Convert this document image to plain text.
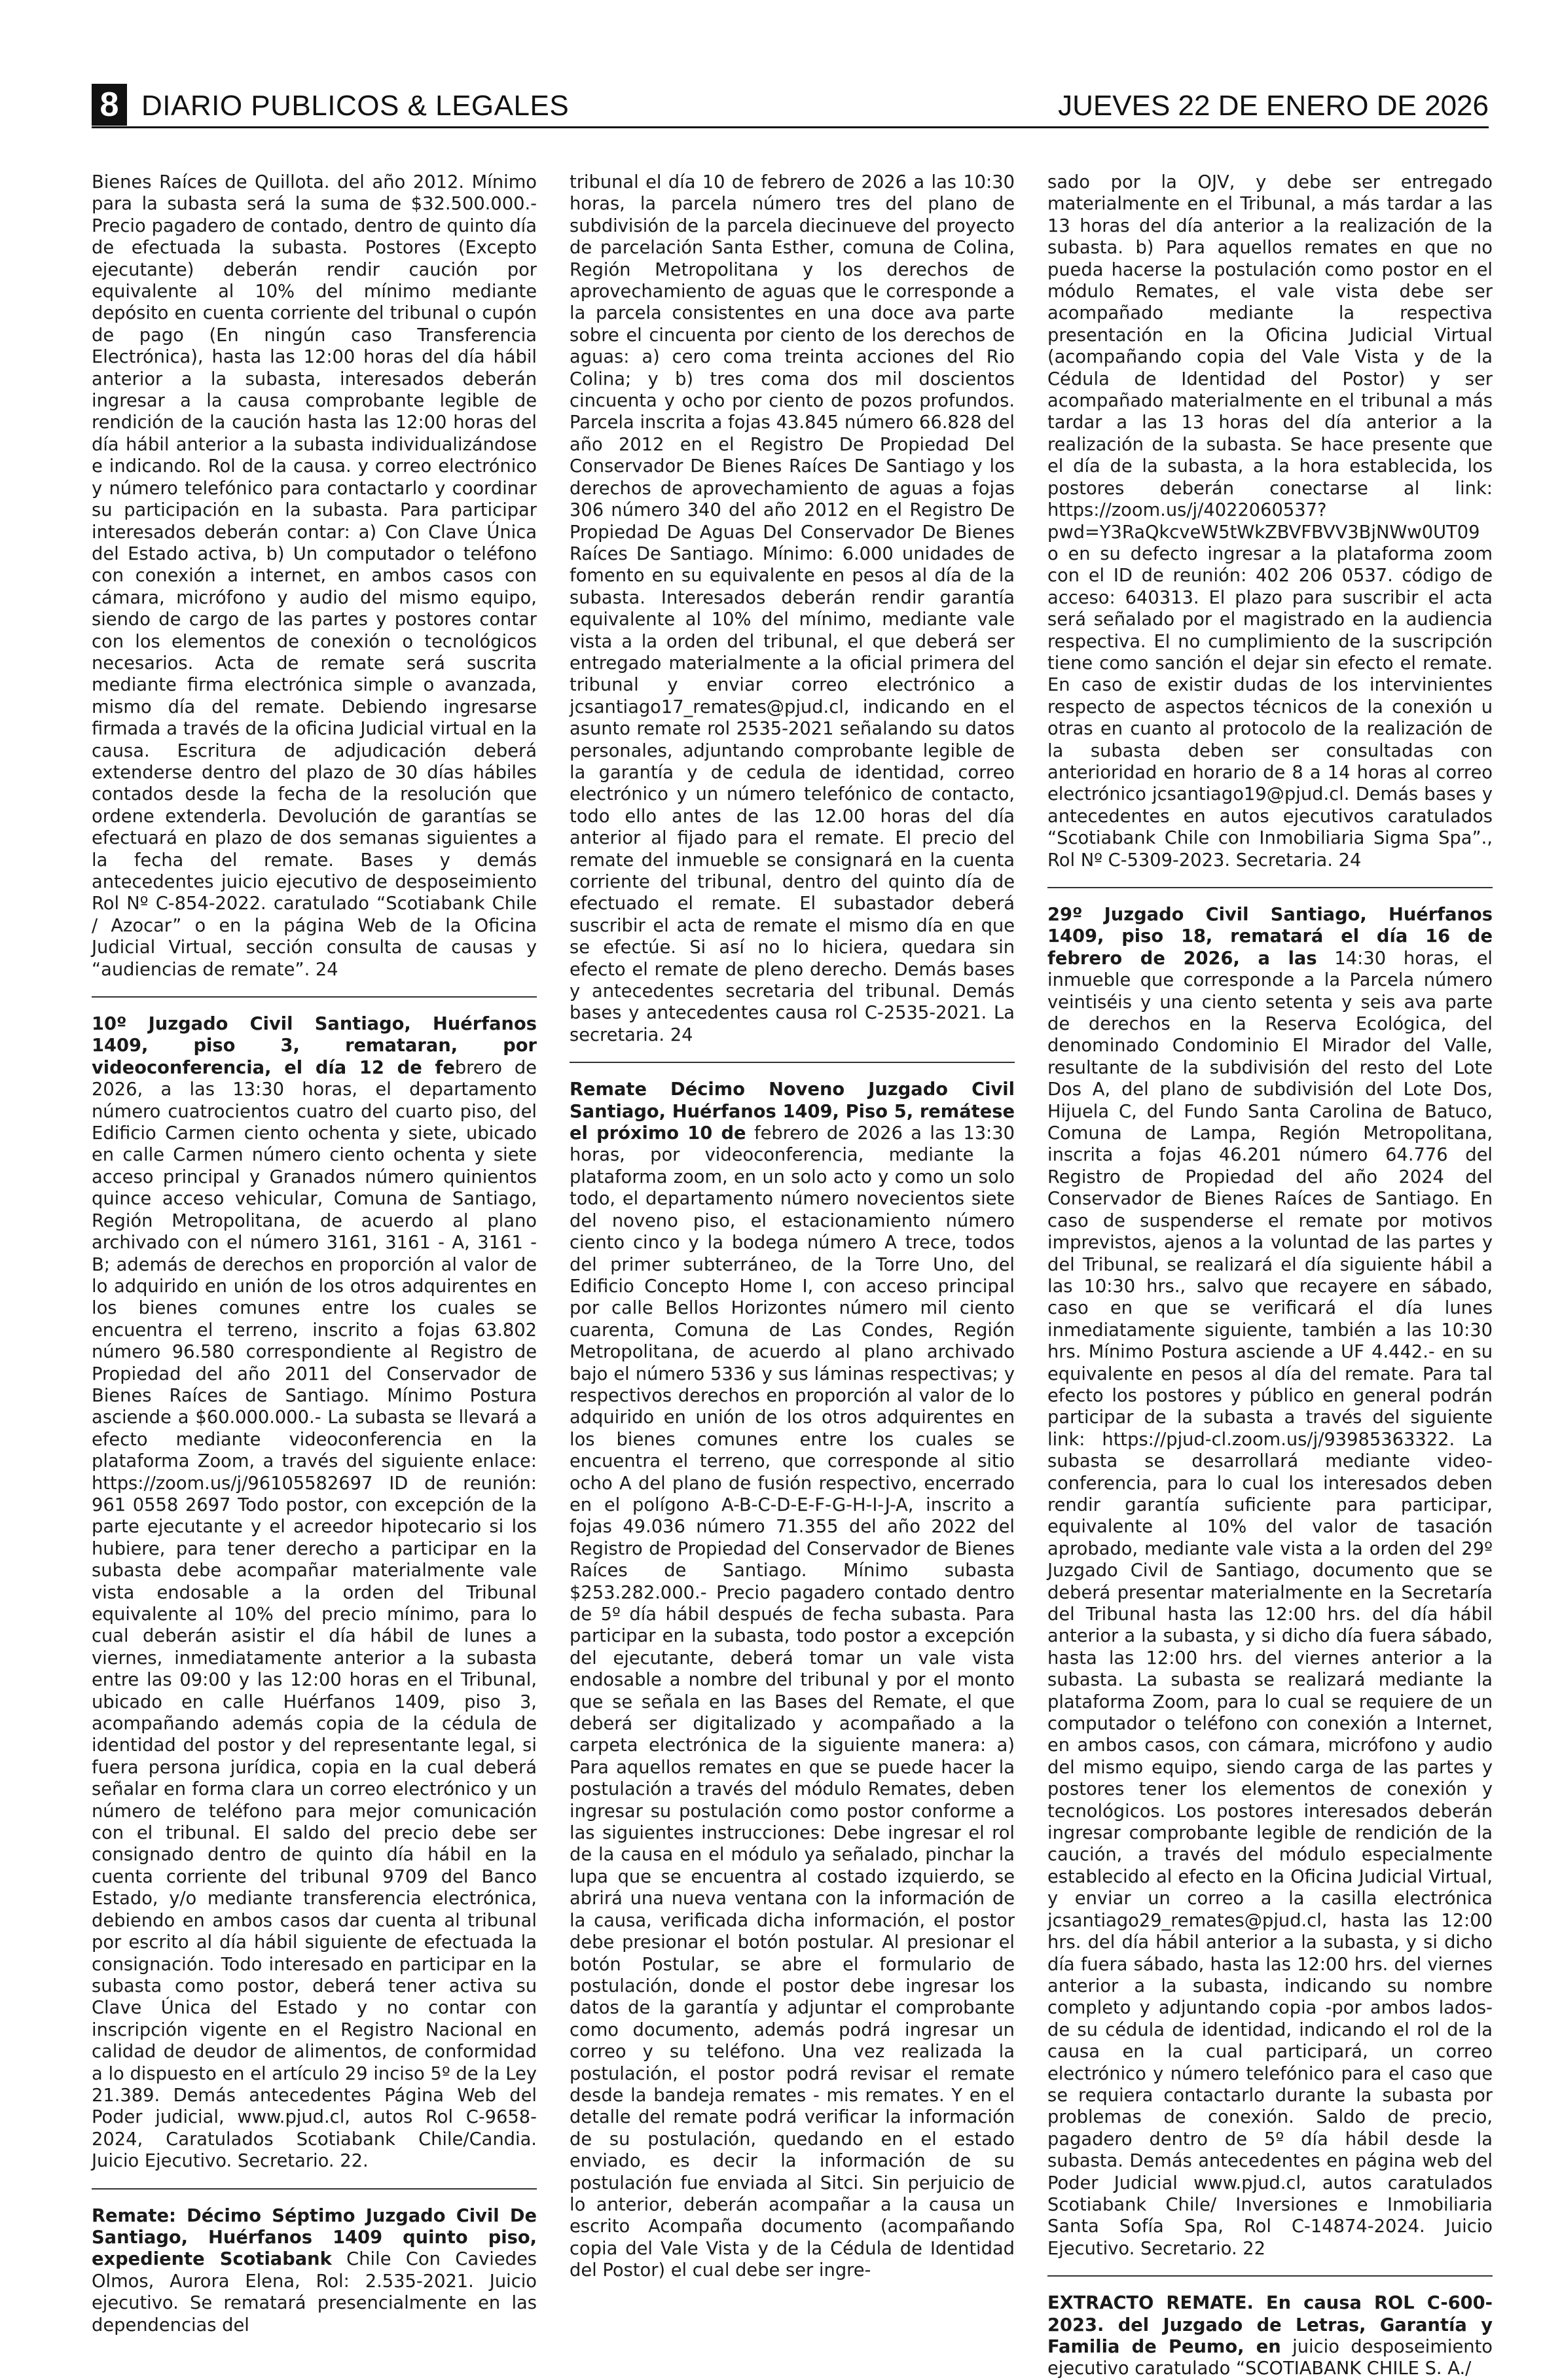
8 DIARIO PUBLICOS & LEGALES	JUEVES 22 DE ENERO DE 2026

Bienes Raíces de Quillota. del año 2012. Mínimo para la subasta será la suma de $32.500.000.- Precio pagadero de contado, dentro de quinto día de efectuada la subasta. Postores (Excepto ejecutante) deberán rendir caución por equivalente al 10% del mínimo mediante depósito en cuenta corriente del tribunal o cupón de pago (En ningún caso Transferencia Electrónica), hasta las 12:00 horas del día hábil anterior a la subasta, interesados deberán ingresar a la causa comprobante legible de rendición de la caución hasta las 12:00 horas del día hábil anterior a la subasta individualizándose e indicando. Rol de la causa. y correo electrónico y número telefónico para contactarlo y coordinar su participación en la subasta. Para participar interesados deberán contar: a) Con Clave Única del Estado activa, b) Un computador o teléfono con conexión a internet, en ambos casos con cámara, micrófono y audio del mismo equipo, siendo de cargo de las partes y postores contar con los elementos de conexión o tecnológicos necesarios. Acta de remate será suscrita mediante firma electrónica simple o avanzada, mismo día del remate. Debiendo ingresarse firmada a través de la oficina Judicial virtual en la causa. Escritura de adjudicación deberá extenderse dentro del plazo de 30 días hábiles contados desde la fecha de la resolución que ordene extenderla. Devolución de garantías se efectuará en plazo de dos semanas siguientes a la fecha del remate. Bases y demás antecedentes juicio ejecutivo de desposeimiento Rol Nº C-854-2022. caratulado “Scotiabank Chile / Azocar” o en la página Web de la Oficina Judicial Virtual, sección consulta de causas y “audiencias de remate”. 24

10º Juzgado Civil Santiago, Huérfanos 1409, piso 3, remataran, por videoconferencia, el día 12 de febrero de 2026, a las 13:30 horas, el departamento número cuatrocientos cuatro del cuarto piso, del Edificio Carmen ciento ochenta y siete, ubicado en calle Carmen número ciento ochenta y siete acceso principal y Granados número quinientos quince acceso vehicular, Comuna de Santiago, Región Metropolitana, de acuerdo al plano archivado con el número 3161, 3161 - A, 3161 - B; además de derechos en proporción al valor de lo adquirido en unión de los otros adquirentes en los bienes comunes entre los cuales se encuentra el terreno, inscrito a fojas 63.802 número 96.580 correspondiente al Registro de Propiedad del año 2011 del Conservador de Bienes Raíces de Santiago. Mínimo Postura asciende a $60.000.000.- La subasta se llevará a efecto mediante videoconferencia en la plataforma Zoom, a través del siguiente enlace: https://zoom.us/j/96105582697 ID de reunión: 961 0558 2697 Todo postor, con excepción de la parte ejecutante y el acreedor hipotecario si los hubiere, para tener derecho a participar en la subasta debe acompañar materialmente vale vista endosable a la orden del Tribunal equivalente al 10% del precio mínimo, para lo cual deberán asistir el día hábil de lunes a viernes, inmediatamente anterior a la subasta entre las 09:00 y las 12:00 horas en el Tribunal, ubicado en calle Huérfanos 1409, piso 3, acompañando además copia de la cédula de identidad del postor y del representante legal, si fuera persona jurídica, copia en la cual deberá señalar en forma clara un correo electrónico y un número de teléfono para mejor comunicación con el tribunal. El saldo del precio debe ser consignado dentro de quinto día hábil en la cuenta corriente del tribunal 9709 del Banco Estado, y/o mediante transferencia electrónica, debiendo en ambos casos dar cuenta al tribunal por escrito al día hábil siguiente de efectuada la consignación. Todo interesado en participar en la subasta como postor, deberá tener activa su Clave Única del Estado y no contar con inscripción vigente en el Registro Nacional en calidad de deudor de alimentos, de conformidad a lo dispuesto en el artículo 29 inciso 5º de la Ley 21.389. Demás antecedentes Página Web del Poder judicial, www.pjud.cl, autos Rol C-9658-2024, Caratulados Scotiabank Chile/Candia. Juicio Ejecutivo. Secretario. 22.

Remate: Décimo Séptimo Juzgado Civil De Santiago, Huérfanos 1409 quinto piso, expediente Scotiabank Chile Con Caviedes Olmos, Aurora Elena, Rol: 2.535-2021. Juicio ejecutivo. Se rematará presencialmente en las dependencias del

tribunal el día 10 de febrero de 2026 a las 10:30 horas, la parcela número tres del plano de subdivisión de la parcela diecinueve del proyecto de parcelación Santa Esther, comuna de Colina, Región Metropolitana y los derechos de aprovechamiento de aguas que le corresponde a la parcela consistentes en una doce ava parte sobre el cincuenta por ciento de los derechos de aguas: a) cero coma treinta acciones del Rio Colina; y b) tres coma dos mil doscientos cincuenta y ocho por ciento de pozos profundos. Parcela inscrita a fojas 43.845 número 66.828 del año 2012 en el Registro De Propiedad Del Conservador De Bienes Raíces De Santiago y los derechos de aprovechamiento de aguas a fojas 306 número 340 del año 2012 en el Registro De Propiedad De Aguas Del Conservador De Bienes Raíces De Santiago. Mínimo: 6.000 unidades de fomento en su equivalente en pesos al día de la subasta. Interesados deberán rendir garantía equivalente al 10% del mínimo, mediante vale vista a la orden del tribunal, el que deberá ser entregado materialmente a la oficial primera del tribunal y enviar correo electrónico a jcsantiago17_remates@pjud.cl, indicando en el asunto remate rol 2535-2021 señalando su datos personales, adjuntando comprobante legible de la garantía y de cedula de identidad, correo electrónico y un número telefónico de contacto, todo ello antes de las 12.00 horas del día anterior al fijado para el remate. El precio del remate del inmueble se consignará en la cuenta corriente del tribunal, dentro del quinto día de efectuado el remate. El subastador deberá suscribir el acta de remate el mismo día en que se efectúe. Si así no lo hiciera, quedara sin efecto el remate de pleno derecho. Demás bases y antecedentes secretaria del tribunal. Demás bases y antecedentes causa rol C-2535-2021. La secretaria. 24

Remate Décimo Noveno Juzgado Civil Santiago, Huérfanos 1409, Piso 5, remátese el próximo 10 de febrero de 2026 a las 13:30 horas, por videoconferencia, mediante la plataforma zoom, en un solo acto y como un solo todo, el departamento número novecientos siete del noveno piso, el estacionamiento número ciento cinco y la bodega número A trece, todos del primer subterráneo, de la Torre Uno, del Edificio Concepto Home I, con acceso principal por calle Bellos Horizontes número mil ciento cuarenta, Comuna de Las Condes, Región Metropolitana, de acuerdo al plano archivado bajo el número 5336 y sus láminas respectivas; y respectivos derechos en proporción al valor de lo adquirido en unión de los otros adquirentes en los bienes comunes entre los cuales se encuentra el terreno, que corresponde al sitio ocho A del plano de fusión respectivo, encerrado en el polígono A-B-C-D-E-F-G-H-I-J-A, inscrito a fojas 49.036 número 71.355 del año 2022 del Registro de Propiedad del Conservador de Bienes Raíces de Santiago. Mínimo subasta $253.282.000.- Precio pagadero contado dentro de 5º día hábil después de fecha subasta. Para participar en la subasta, todo postor a excepción del ejecutante, deberá tomar un vale vista endosable a nombre del tribunal y por el monto que se señala en las Bases del Remate, el que deberá ser digitalizado y acompañado a la carpeta electrónica de la siguiente manera: a) Para aquellos remates en que se puede hacer la postulación a través del módulo Remates, deben ingresar su postulación como postor conforme a las siguientes instrucciones: Debe ingresar el rol de la causa en el módulo ya señalado, pinchar la lupa que se encuentra al costado izquierdo, se abrirá una nueva ventana con la información de la causa, verificada dicha información, el postor debe presionar el botón postular. Al presionar el botón Postular, se abre el formulario de postulación, donde el postor debe ingresar los datos de la garantía y adjuntar el comprobante como documento, además podrá ingresar un correo y su teléfono. Una vez realizada la postulación, el postor podrá revisar el remate desde la bandeja remates - mis remates. Y en el detalle del remate podrá verificar la información de su postulación, quedando en el estado enviado, es decir la información de su postulación fue enviada al Sitci. Sin perjuicio de lo anterior, deberán acompañar a la causa un escrito Acompaña documento (acompañando copia del Vale Vista y de la Cédula de Identidad del Postor) el cual debe ser ingre-

sado por la OJV, y debe ser entregado materialmente en el Tribunal, a más tardar a las 13 horas del día anterior a la realización de la subasta. b) Para aquellos remates en que no pueda hacerse la postulación como postor en el módulo Remates, el vale vista debe ser acompañado mediante la respectiva presentación en la Oficina Judicial Virtual (acompañando copia del Vale Vista y de la Cédula de Identidad del Postor) y ser acompañado materialmente en el tribunal a más tardar a las 13 horas del día anterior a la realización de la subasta. Se hace presente que el día de la subasta, a la hora establecida, los postores deberán conectarse al link: https://zoom.us/j/4022060537?pwd=Y3RaQkcveW5tWkZBVFBVV3BjNWw0UT09 o en su defecto ingresar a la plataforma zoom con el ID de reunión: 402 206 0537. código de acceso: 640313. El plazo para suscribir el acta será señalado por el magistrado en la audiencia respectiva. El no cumplimiento de la suscripción tiene como sanción el dejar sin efecto el remate. En caso de existir dudas de los intervinientes respecto de aspectos técnicos de la conexión u otras en cuanto al protocolo de la realización de la subasta deben ser consultadas con anterioridad en horario de 8 a 14 horas al correo electrónico jcsantiago19@pjud.cl. Demás bases y antecedentes en autos ejecutivos caratulados “Scotiabank Chile con Inmobiliaria Sigma Spa”., Rol Nº C-5309-2023. Secretaria. 24

29º Juzgado Civil Santiago, Huérfanos 1409, piso 18, rematará el día 16 de febrero de 2026, a las 14:30 horas, el inmueble que corresponde a la Parcela número veintiséis y una ciento setenta y seis ava parte de derechos en la Reserva Ecológica, del denominado Condominio El Mirador del Valle, resultante de la subdivisión del resto del Lote Dos A, del plano de subdivisión del Lote Dos, Hijuela C, del Fundo Santa Carolina de Batuco, Comuna de Lampa, Región Metropolitana, inscrita a fojas 46.201 número 64.776 del Registro de Propiedad del año 2024 del Conservador de Bienes Raíces de Santiago. En caso de suspenderse el remate por motivos imprevistos, ajenos a la voluntad de las partes y del Tribunal, se realizará el día siguiente hábil a las 10:30 hrs., salvo que recayere en sábado, caso en que se verificará el día lunes inmediatamente siguiente, también a las 10:30 hrs. Mínimo Postura asciende a UF 4.442.- en su equivalente en pesos al día del remate. Para tal efecto los postores y público en general podrán participar de la subasta a través del siguiente link: https://pjud-cl.zoom.us/j/93985363322. La subasta se desarrollará mediante video-conferencia, para lo cual los interesados deben rendir garantía suficiente para participar, equivalente al 10% del valor de tasación aprobado, mediante vale vista a la orden del 29º Juzgado Civil de Santiago, documento que se deberá presentar materialmente en la Secretaría del Tribunal hasta las 12:00 hrs. del día hábil anterior a la subasta, y si dicho día fuera sábado, hasta las 12:00 hrs. del viernes anterior a la subasta. La subasta se realizará mediante la plataforma Zoom, para lo cual se requiere de un computador o teléfono con conexión a Internet, en ambos casos, con cámara, micrófono y audio del mismo equipo, siendo carga de las partes y postores tener los elementos de conexión y tecnológicos. Los postores interesados deberán ingresar comprobante legible de rendición de la caución, a través del módulo especialmente establecido al efecto en la Oficina Judicial Virtual, y enviar un correo a la casilla electrónica jcsantiago29_remates@pjud.cl, hasta las 12:00 hrs. del día hábil anterior a la subasta, y si dicho día fuera sábado, hasta las 12:00 hrs. del viernes anterior a la subasta, indicando su nombre completo y adjuntando copia -por ambos lados- de su cédula de identidad, indicando el rol de la causa en la cual participará, un correo electrónico y número telefónico para el caso que se requiera contactarlo durante la subasta por problemas de conexión. Saldo de precio, pagadero dentro de 5º día hábil desde la subasta. Demás antecedentes en página web del Poder Judicial www.pjud.cl, autos caratulados Scotiabank Chile/ Inversiones e Inmobiliaria Santa Sofía Spa, Rol C-14874-2024. Juicio Ejecutivo. Secretario. 22

EXTRACTO REMATE. En causa ROL C-600-2023. del Juzgado de Letras, Garantía y Familia de Peumo, en juicio desposeimiento ejecutivo caratulado “SCOTIABANK CHILE S. A./
